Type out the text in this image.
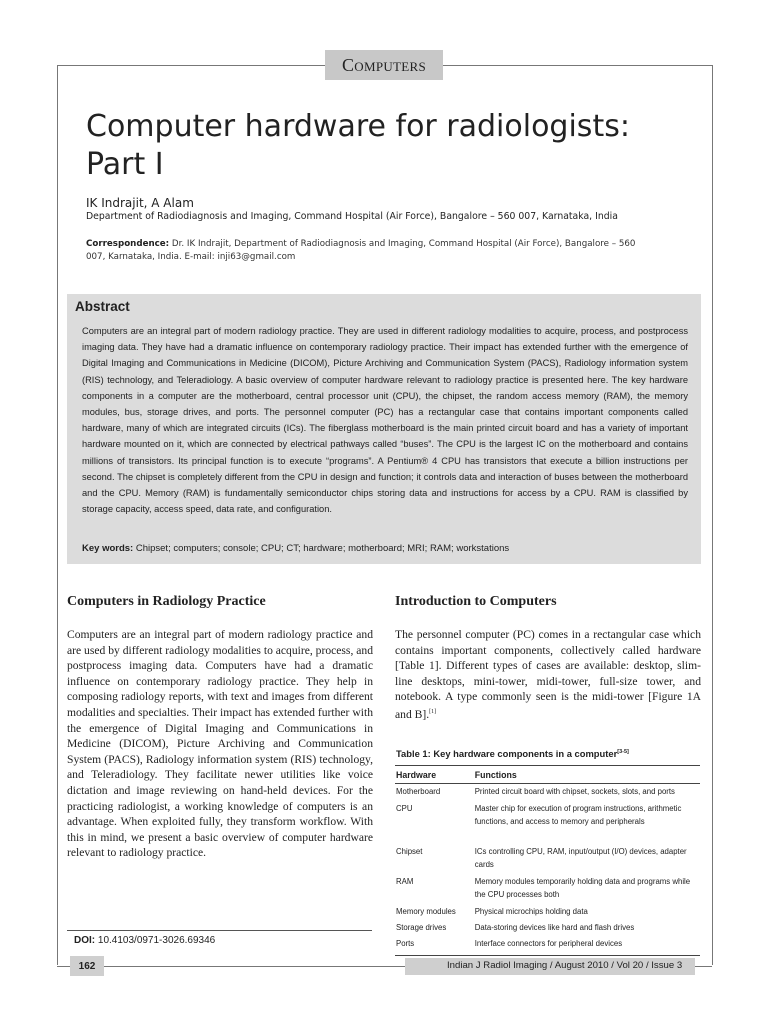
Computers
Computer hardware for radiologists: Part I
IK Indrajit, A Alam
Department of Radiodiagnosis and Imaging, Command Hospital (Air Force), Bangalore – 560 007, Karnataka, India
Correspondence: Dr. IK Indrajit, Department of Radiodiagnosis and Imaging, Command Hospital (Air Force), Bangalore – 560 007, Karnataka, India. E-mail: inji63@gmail.com
Abstract
Computers are an integral part of modern radiology practice. They are used in different radiology modalities to acquire, process, and postprocess imaging data. They have had a dramatic influence on contemporary radiology practice. Their impact has extended further with the emergence of Digital Imaging and Communications in Medicine (DICOM), Picture Archiving and Communication System (PACS), Radiology information system (RIS) technology, and Teleradiology. A basic overview of computer hardware relevant to radiology practice is presented here. The key hardware components in a computer are the motherboard, central processor unit (CPU), the chipset, the random access memory (RAM), the memory modules, bus, storage drives, and ports. The personnel computer (PC) has a rectangular case that contains important components called hardware, many of which are integrated circuits (ICs). The fiberglass motherboard is the main printed circuit board and has a variety of important hardware mounted on it, which are connected by electrical pathways called “buses”. The CPU is the largest IC on the motherboard and contains millions of transistors. Its principal function is to execute “programs”. A Pentium® 4 CPU has transistors that execute a billion instructions per second. The chipset is completely different from the CPU in design and function; it controls data and interaction of buses between the motherboard and the CPU. Memory (RAM) is fundamentally semiconductor chips storing data and instructions for access by a CPU. RAM is classified by storage capacity, access speed, data rate, and configuration.
Key words: Chipset; computers; console; CPU; CT; hardware; motherboard; MRI; RAM; workstations
Computers in Radiology Practice
Computers are an integral part of modern radiology practice and are used by different radiology modalities to acquire, process, and postprocess imaging data. Computers have had a dramatic influence on contemporary radiology practice. They help in composing radiology reports, with text and images from different modalities and specialties. Their impact has extended further with the emergence of Digital Imaging and Communications in Medicine (DICOM), Picture Archiving and Communication System (PACS), Radiology information system (RIS) technology, and Teleradiology. They facilitate newer utilities like voice dictation and image reviewing on hand-held devices. For the practicing radiologist, a working knowledge of computers is an advantage. When exploited fully, they transform workflow. With this in mind, we present a basic overview of computer hardware relevant to radiology practice.
Introduction to Computers
The personnel computer (PC) comes in a rectangular case which contains important components, collectively called hardware [Table 1]. Different types of cases are available: desktop, slim-line desktops, mini-tower, midi-tower, full-size tower, and notebook. A type commonly seen is the midi-tower [Figure 1A and B].[1]
Table 1: Key hardware components in a computer[3-5]
Hardware	Functions
Motherboard	Printed circuit board with chipset, sockets, slots, and ports
CPU	Master chip for execution of program instructions, arithmetic functions, and access to memory and peripherals
Chipset	ICs controlling CPU, RAM, input/output (I/O) devices, adapter cards
RAM	Memory modules temporarily holding data and programs while the CPU processes both
Memory modules	Physical microchips holding data
Storage drives	Data-storing devices like hard and flash drives
Ports	Interface connectors for peripheral devices
DOI: 10.4103/0971-3026.69346
Indian J Radiol Imaging / August 2010 / Vol 20 / Issue 3
162
